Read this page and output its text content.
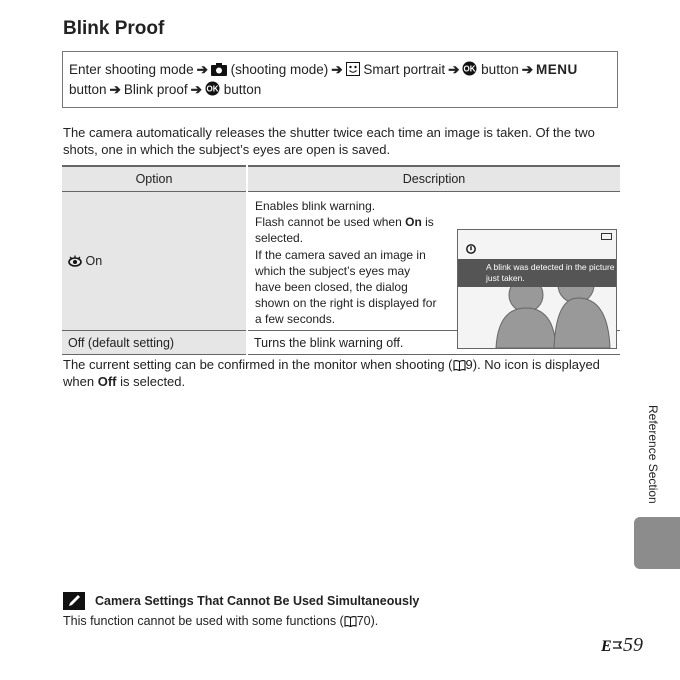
Blink Proof
Enter shooting mode ➔ (shooting mode) ➔ Smart portrait ➔ OK button ➔ MENU
button ➔ Blink proof ➔ OK button
The camera automatically releases the shutter twice each time an image is taken. Of the two shots, one in which the subject’s eyes are open is saved.
Option	Description
On	Enables blink warning.
Flash cannot be used when On is selected.
If the camera saved an image in which the subject’s eyes may have been closed, the dialog shown on the right is displayed for a few seconds.
A blink was detected in the picture just taken.

Off (default setting)	Turns the blink warning off.
The current setting can be confirmed in the monitor when shooting ( 9). No icon is displayed when Off is selected.
Reference Section
Camera Settings That Cannot Be Used Simultaneously
This function cannot be used with some functions ( 70).
E 59
